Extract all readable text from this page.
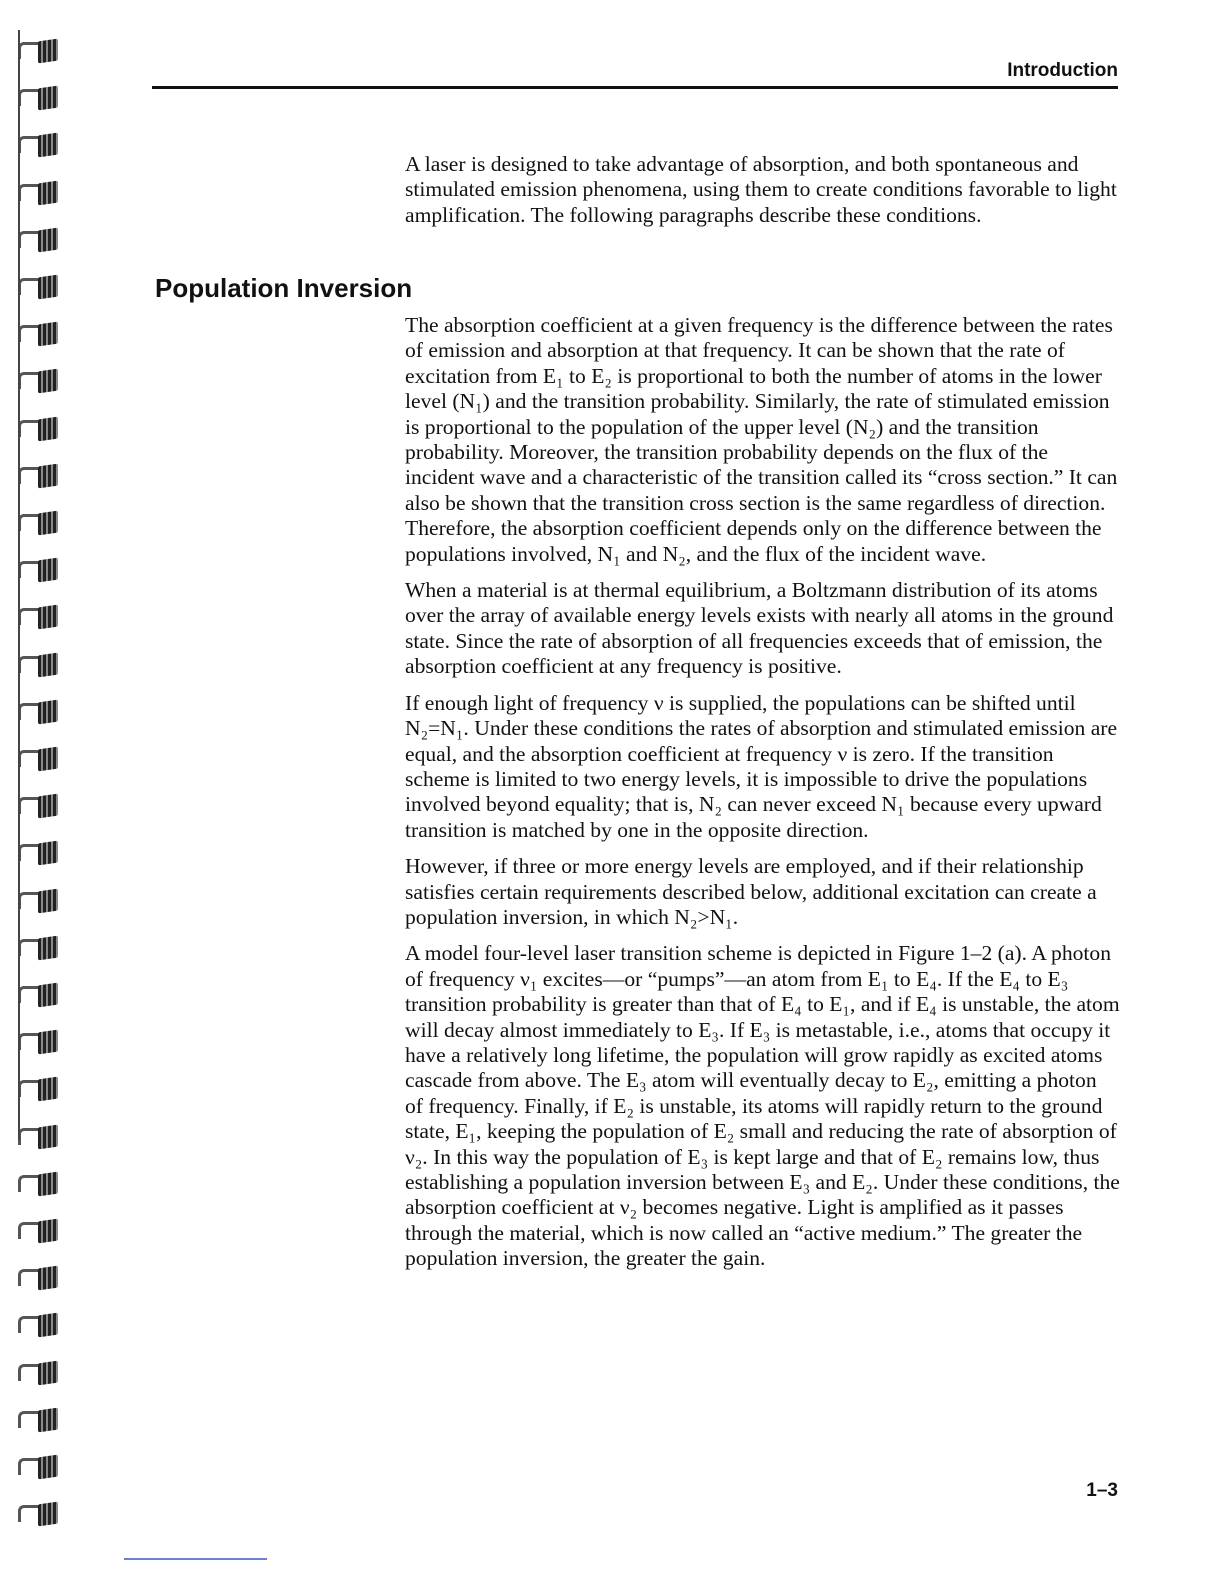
Introduction

A laser is designed to take advantage of absorption, and both spontaneous and stimulated emission phenomena, using them to create conditions favorable to light amplification. The following paragraphs describe these conditions.

Population Inversion

The absorption coefficient at a given frequency is the difference between the rates of emission and absorption at that frequency. It can be shown that the rate of excitation from E₁ to E₂ is proportional to both the number of atoms in the lower level (N₁) and the transition probability. Similarly, the rate of stimulated emission is proportional to the population of the upper level (N₂) and the transition probability. Moreover, the transition probability depends on the flux of the incident wave and a characteristic of the transition called its “cross section.” It can also be shown that the transition cross section is the same regardless of direction. Therefore, the absorption coefficient depends only on the difference between the populations involved, N₁ and N₂, and the flux of the incident wave.

When a material is at thermal equilibrium, a Boltzmann distribution of its atoms over the array of available energy levels exists with nearly all atoms in the ground state. Since the rate of absorption of all frequencies exceeds that of emission, the absorption coefficient at any frequency is positive.

If enough light of frequency ν is supplied, the populations can be shifted until N₂=N₁. Under these conditions the rates of absorption and stimulated emission are equal, and the absorption coefficient at frequency ν is zero. If the transition scheme is limited to two energy levels, it is impossible to drive the populations involved beyond equality; that is, N₂ can never exceed N₁ because every upward transition is matched by one in the opposite direction.

However, if three or more energy levels are employed, and if their relationship satisfies certain requirements described below, additional excitation can create a population inversion, in which N₂>N₁.

A model four-level laser transition scheme is depicted in Figure 1–2 (a). A photon of frequency ν₁ excites—or “pumps”—an atom from E₁ to E₄. If the E₄ to E₃ transition probability is greater than that of E₄ to E₁, and if E₄ is unstable, the atom will decay almost immediately to E₃. If E₃ is metastable, i.e., atoms that occupy it have a relatively long lifetime, the population will grow rapidly as excited atoms cascade from above. The E₃ atom will eventually decay to E₂, emitting a photon of frequency. Finally, if E₂ is unstable, its atoms will rapidly return to the ground state, E₁, keeping the population of E₂ small and reducing the rate of absorption of ν₂. In this way the population of E₃ is kept large and that of E₂ remains low, thus establishing a population inversion between E₃ and E₂. Under these conditions, the absorption coefficient at ν₂ becomes negative. Light is amplified as it passes through the material, which is now called an “active medium.” The greater the population inversion, the greater the gain.

1–3
